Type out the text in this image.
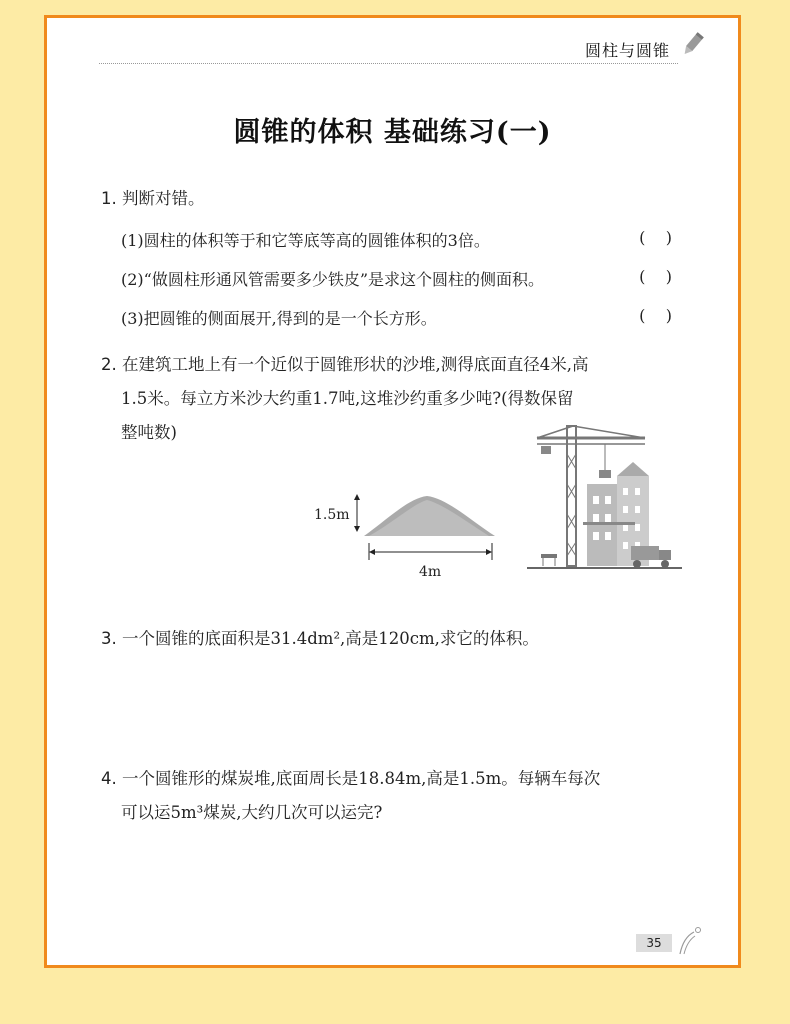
圆柱与圆锥
圆锥的体积 基础练习(一)
1. 判断对错。
(1)圆柱的体积等于和它等底等高的圆锥体积的3倍。	(    )
(2)“做圆柱形通风管需要多少铁皮”是求这个圆柱的侧面积。	(    )
(3)把圆锥的侧面展开,得到的是一个长方形。	(    )
2. 在建筑工地上有一个近似于圆锥形状的沙堆,测得底面直径4米,高
1.5米。每立方米沙大约重1.7吨,这堆沙约重多少吨?(得数保留
整吨数)
1.5m
4m
3. 一个圆锥的底面积是31.4dm²,高是120cm,求它的体积。
4. 一个圆锥形的煤炭堆,底面周长是18.84m,高是1.5m。每辆车每次
可以运5m³煤炭,大约几次可以运完?
35
